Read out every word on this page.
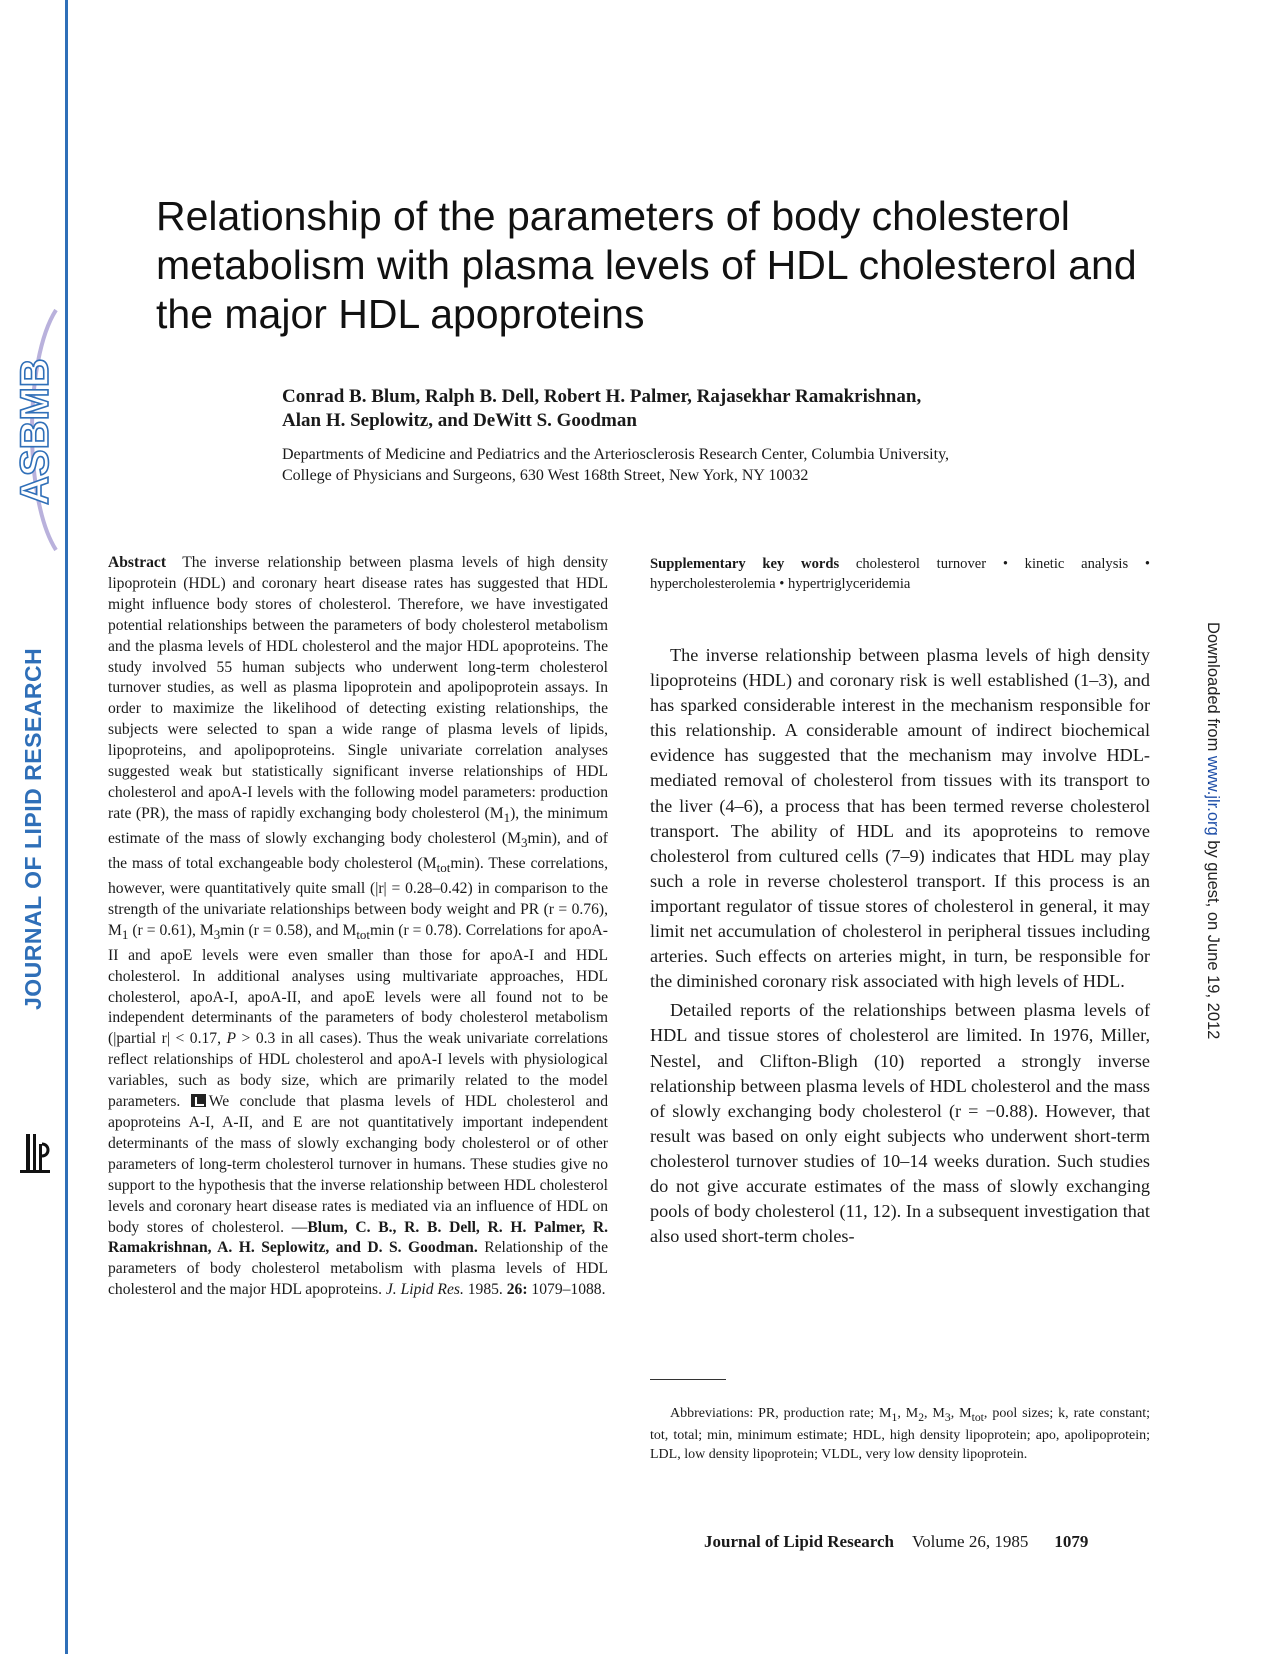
ASBMB
JOURNAL OF LIPID RESEARCH
JLR
Downloaded from www.jlr.org by guest, on June 19, 2012
Relationship of the parameters of body cholesterol metabolism with plasma levels of HDL cholesterol and the major HDL apoproteins

Conrad B. Blum, Ralph B. Dell, Robert H. Palmer, Rajasekhar Ramakrishnan,
Alan H. Seplowitz, and DeWitt S. Goodman

Departments of Medicine and Pediatrics and the Arteriosclerosis Research Center, Columbia University,
College of Physicians and Surgeons, 630 West 168th Street, New York, NY 10032

Abstract The inverse relationship between plasma levels of high density lipoprotein (HDL) and coronary heart disease rates has suggested that HDL might influence body stores of cholesterol. Therefore, we have investigated potential relationships between the parameters of body cholesterol metabolism and the plasma levels of HDL cholesterol and the major HDL apoproteins. The study involved 55 human subjects who underwent long-term cholesterol turnover studies, as well as plasma lipoprotein and apolipoprotein assays. In order to maximize the likelihood of detecting existing relationships, the subjects were selected to span a wide range of plasma levels of lipids, lipoproteins, and apolipoproteins. Single univariate correlation analyses suggested weak but statistically significant inverse relationships of HDL cholesterol and apoA-I levels with the following model parameters: production rate (PR), the mass of rapidly exchanging body cholesterol $(M_1)$, the minimum estimate of the mass of slowly exchanging body cholesterol $(M_3\min)$, and of the mass of total exchangeable body cholesterol $(M_{tot}\min)$. These correlations, however, were quantitatively quite small (|r| = 0.28–0.42) in comparison to the strength of the univariate relationships between body weight and PR (r = 0.76), $M_1$ (r = 0.61), $M_3\min$ (r = 0.58), and $M_{tot}\min$ (r = 0.78). Correlations for apoA-II and apoE levels were even smaller than those for apoA-I and HDL cholesterol. In additional analyses using multivariate approaches, HDL cholesterol, apoA-I, apoA-II, and apoE levels were all found not to be independent determinants of the parameters of body cholesterol metabolism (|partial r| < 0.17, P > 0.3 in all cases). Thus the weak univariate correlations reflect relationships of HDL cholesterol and apoA-I levels with physiological variables, such as body size, which are primarily related to the model parameters. We conclude that plasma levels of HDL cholesterol and apoproteins A-I, A-II, and E are not quantitatively important independent determinants of the mass of slowly exchanging body cholesterol or of other parameters of long-term cholesterol turnover in humans. These studies give no support to the hypothesis that the inverse relationship between HDL cholesterol levels and coronary heart disease rates is mediated via an influence of HDL on body stores of cholesterol. —Blum, C. B., R. B. Dell, R. H. Palmer, R. Ramakrishnan, A. H. Seplowitz, and D. S. Goodman. Relationship of the parameters of body cholesterol metabolism with plasma levels of HDL cholesterol and the major HDL apoproteins. J. Lipid Res. 1985. 26: 1079–1088.

Supplementary key words cholesterol turnover • kinetic analysis • hypercholesterolemia • hypertriglyceridemia

The inverse relationship between plasma levels of high density lipoproteins (HDL) and coronary risk is well established (1–3), and has sparked considerable interest in the mechanism responsible for this relationship. A considerable amount of indirect biochemical evidence has suggested that the mechanism may involve HDL-mediated removal of cholesterol from tissues with its transport to the liver (4–6), a process that has been termed reverse cholesterol transport. The ability of HDL and its apoproteins to remove cholesterol from cultured cells (7–9) indicates that HDL may play such a role in reverse cholesterol transport. If this process is an important regulator of tissue stores of cholesterol in general, it may limit net accumulation of cholesterol in peripheral tissues including arteries. Such effects on arteries might, in turn, be responsible for the diminished coronary risk associated with high levels of HDL.

Detailed reports of the relationships between plasma levels of HDL and tissue stores of cholesterol are limited. In 1976, Miller, Nestel, and Clifton-Bligh (10) reported a strongly inverse relationship between plasma levels of HDL cholesterol and the mass of slowly exchanging body cholesterol (r = −0.88). However, that result was based on only eight subjects who underwent short-term cholesterol turnover studies of 10–14 weeks duration. Such studies do not give accurate estimates of the mass of slowly exchanging pools of body cholesterol (11, 12). In a subsequent investigation that also used short-term choles-

Abbreviations: PR, production rate; $M_1$, $M_2$, $M_3$, $M_{tot}$, pool sizes; k, rate constant; tot, total; min, minimum estimate; HDL, high density lipoprotein; apo, apolipoprotein; LDL, low density lipoprotein; VLDL, very low density lipoprotein.

Journal of Lipid Research Volume 26, 1985 1079
